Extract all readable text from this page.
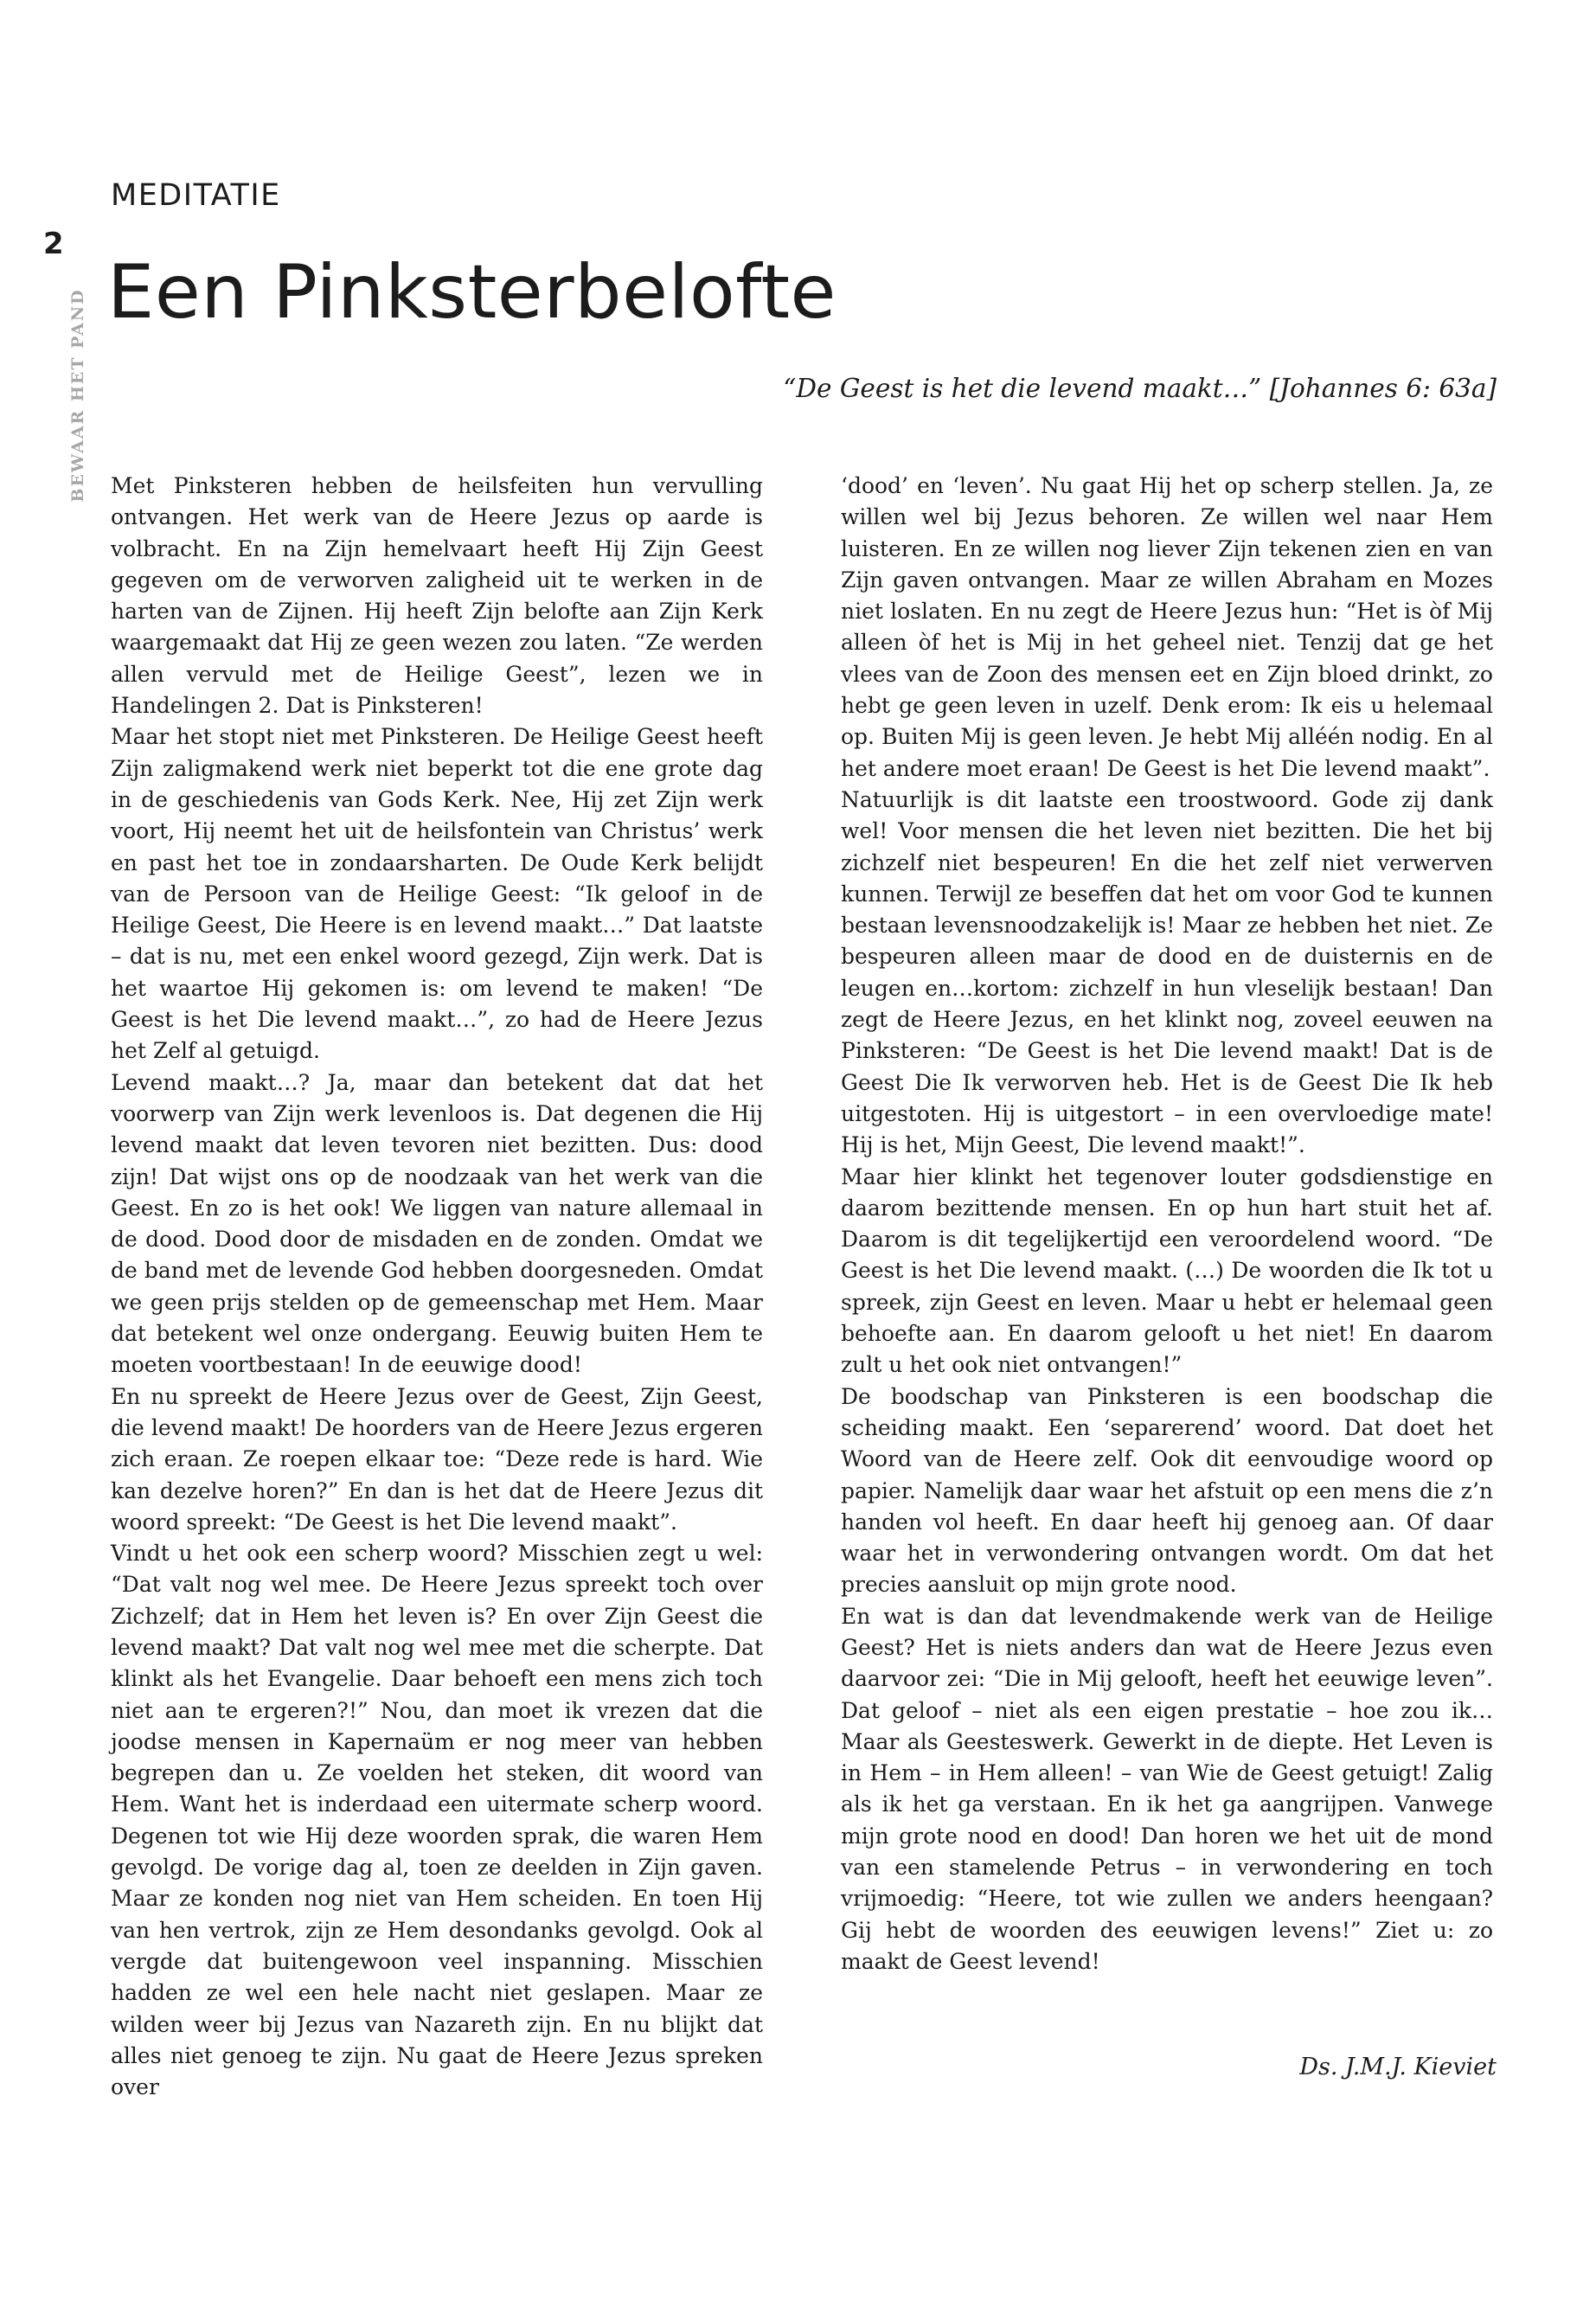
2
BEWAAR HET PAND
MEDITATIE
Een Pinksterbelofte
“De Geest is het die levend maakt…” [Johannes 6: 63a]

Met Pinksteren hebben de heilsfeiten hun vervulling ontvangen. Het werk van de Heere Jezus op aarde is volbracht. En na Zijn hemelvaart heeft Hij Zijn Geest gegeven om de verworven zaligheid uit te werken in de harten van de Zijnen. Hij heeft Zijn belofte aan Zijn Kerk waargemaakt dat Hij ze geen wezen zou laten. “Ze werden allen vervuld met de Heilige Geest”, lezen we in Handelingen 2. Dat is Pinksteren!

Maar het stopt niet met Pinksteren. De Heilige Geest heeft Zijn zaligmakend werk niet beperkt tot die ene grote dag in de geschiedenis van Gods Kerk. Nee, Hij zet Zijn werk voort, Hij neemt het uit de heilsfontein van Christus’ werk en past het toe in zondaarsharten. De Oude Kerk belijdt van de Persoon van de Heilige Geest: “Ik geloof in de Heilige Geest, Die Heere is en levend maakt…” Dat laatste – dat is nu, met een enkel woord gezegd, Zijn werk. Dat is het waartoe Hij gekomen is: om levend te maken! “De Geest is het Die levend maakt…”, zo had de Heere Jezus het Zelf al getuigd.

Levend maakt…? Ja, maar dan betekent dat dat het voorwerp van Zijn werk levenloos is. Dat degenen die Hij levend maakt dat leven tevoren niet bezitten. Dus: dood zijn! Dat wijst ons op de noodzaak van het werk van die Geest. En zo is het ook! We liggen van nature allemaal in de dood. Dood door de misdaden en de zonden. Omdat we de band met de levende God hebben doorgesneden. Omdat we geen prijs stelden op de gemeenschap met Hem. Maar dat betekent wel onze ondergang. Eeuwig buiten Hem te moeten voortbestaan! In de eeuwige dood!

En nu spreekt de Heere Jezus over de Geest, Zijn Geest, die levend maakt! De hoorders van de Heere Jezus ergeren zich eraan. Ze roepen elkaar toe: “Deze rede is hard. Wie kan dezelve horen?” En dan is het dat de Heere Jezus dit woord spreekt: “De Geest is het Die levend maakt”.

Vindt u het ook een scherp woord? Misschien zegt u wel: “Dat valt nog wel mee. De Heere Jezus spreekt toch over Zichzelf; dat in Hem het leven is? En over Zijn Geest die levend maakt? Dat valt nog wel mee met die scherpte. Dat klinkt als het Evangelie. Daar behoeft een mens zich toch niet aan te ergeren?!” Nou, dan moet ik vrezen dat die joodse mensen in Kapernaüm er nog meer van hebben begrepen dan u. Ze voelden het steken, dit woord van Hem. Want het is inderdaad een uitermate scherp woord. Degenen tot wie Hij deze woorden sprak, die waren Hem gevolgd. De vorige dag al, toen ze deelden in Zijn gaven. Maar ze konden nog niet van Hem scheiden. En toen Hij van hen vertrok, zijn ze Hem desondanks gevolgd. Ook al vergde dat buitengewoon veel inspanning. Misschien hadden ze wel een hele nacht niet geslapen. Maar ze wilden weer bij Jezus van Nazareth zijn. En nu blijkt dat alles niet genoeg te zijn. Nu gaat de Heere Jezus spreken over

‘dood’ en ‘leven’. Nu gaat Hij het op scherp stellen. Ja, ze willen wel bij Jezus behoren. Ze willen wel naar Hem luisteren. En ze willen nog liever Zijn tekenen zien en van Zijn gaven ontvangen. Maar ze willen Abraham en Mozes niet loslaten. En nu zegt de Heere Jezus hun: “Het is òf Mij alleen òf het is Mij in het geheel niet. Tenzij dat ge het vlees van de Zoon des mensen eet en Zijn bloed drinkt, zo hebt ge geen leven in uzelf. Denk erom: Ik eis u helemaal op. Buiten Mij is geen leven. Je hebt Mij alléén nodig. En al het andere moet eraan! De Geest is het Die levend maakt”.

Natuurlijk is dit laatste een troostwoord. Gode zij dank wel! Voor mensen die het leven niet bezitten. Die het bij zichzelf niet bespeuren! En die het zelf niet verwerven kunnen. Terwijl ze beseffen dat het om voor God te kunnen bestaan levensnoodzakelijk is! Maar ze hebben het niet. Ze bespeuren alleen maar de dood en de duisternis en de leugen en…kortom: zichzelf in hun vleselijk bestaan! Dan zegt de Heere Jezus, en het klinkt nog, zoveel eeuwen na Pinksteren: “De Geest is het Die levend maakt! Dat is de Geest Die Ik verworven heb. Het is de Geest Die Ik heb uitgestoten. Hij is uitgestort – in een overvloedige mate! Hij is het, Mijn Geest, Die levend maakt!”.

Maar hier klinkt het tegenover louter godsdienstige en daarom bezittende mensen. En op hun hart stuit het af. Daarom is dit tegelijkertijd een veroordelend woord. “De Geest is het Die levend maakt. (…) De woorden die Ik tot u spreek, zijn Geest en leven. Maar u hebt er helemaal geen behoefte aan. En daarom gelooft u het niet! En daarom zult u het ook niet ontvangen!”

De boodschap van Pinksteren is een boodschap die scheiding maakt. Een ‘separerend’ woord. Dat doet het Woord van de Heere zelf. Ook dit eenvoudige woord op papier. Namelijk daar waar het afstuit op een mens die z’n handen vol heeft. En daar heeft hij genoeg aan. Of daar waar het in verwondering ontvangen wordt. Om dat het precies aansluit op mijn grote nood.

En wat is dan dat levendmakende werk van de Heilige Geest? Het is niets anders dan wat de Heere Jezus even daarvoor zei: “Die in Mij gelooft, heeft het eeuwige leven”. Dat geloof – niet als een eigen prestatie – hoe zou ik… Maar als Geesteswerk. Gewerkt in de diepte. Het Leven is in Hem – in Hem alleen! – van Wie de Geest getuigt! Zalig als ik het ga verstaan. En ik het ga aangrijpen. Vanwege mijn grote nood en dood! Dan horen we het uit de mond van een stamelende Petrus – in verwondering en toch vrijmoedig: “Heere, tot wie zullen we anders heengaan? Gij hebt de woorden des eeuwigen levens!” Ziet u: zo maakt de Geest levend!

Ds. J.M.J. Kieviet
